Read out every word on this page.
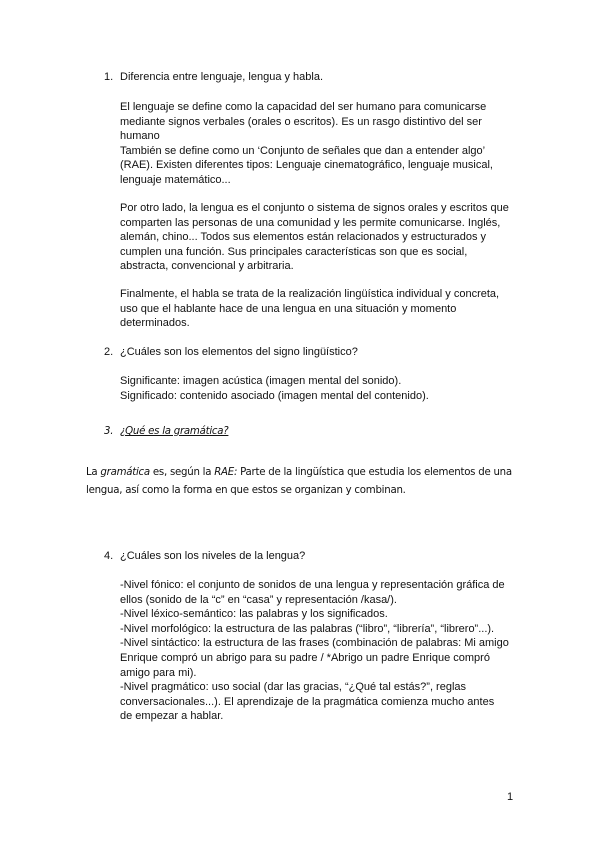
1. Diferencia entre lenguaje, lengua y habla.
El lenguaje se define como la capacidad del ser humano para comunicarse
mediante signos verbales (orales o escritos). Es un rasgo distintivo del ser
humano
También se define como un ‘Conjunto de señales que dan a entender algo’
(RAE). Existen diferentes tipos: Lenguaje cinematográfico, lenguaje musical,
lenguaje matemático...
Por otro lado, la lengua es el conjunto o sistema de signos orales y escritos que
comparten las personas de una comunidad y les permite comunicarse. Inglés,
alemán, chino... Todos sus elementos están relacionados y estructurados y
cumplen una función. Sus principales características son que es social,
abstracta, convencional y arbitraria.
Finalmente, el habla se trata de la realización lingüística individual y concreta,
uso que el hablante hace de una lengua en una situación y momento
determinados.
2. ¿Cuáles son los elementos del signo lingüístico?
Significante: imagen acústica (imagen mental del sonido).
Significado: contenido asociado (imagen mental del contenido).
3. ¿Qué es la gramática?
La gramática es, según la RAE: Parte de la lingüística que estudia los elementos de una
lengua, así como la forma en que estos se organizan y combinan.
4. ¿Cuáles son los niveles de la lengua?
-Nivel fónico: el conjunto de sonidos de una lengua y representación gráfica de
ellos (sonido de la “c” en “casa” y representación /kasa/).
-Nivel léxico-semántico: las palabras y los significados.
-Nivel morfológico: la estructura de las palabras (“libro”, “librería”, “librero”...).
-Nivel sintáctico: la estructura de las frases (combinación de palabras: Mi amigo
Enrique compró un abrigo para su padre / *Abrigo un padre Enrique compró
amigo para mi).
-Nivel pragmático: uso social (dar las gracias, “¿Qué tal estás?”, reglas
conversacionales...). El aprendizaje de la pragmática comienza mucho antes
de empezar a hablar.
1
